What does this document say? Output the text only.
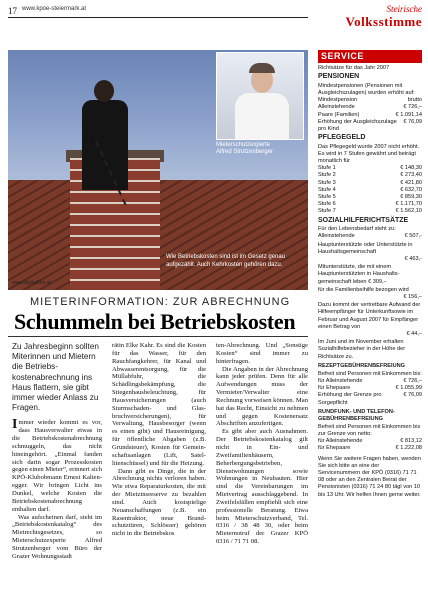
17 www.kpoe-steiermark.at	Steirische
Volksstimme
Mieterschutzexperte
Alfred Strutzenberger
Wie Betriebskosten sind ist im Gesetz genau aufgezählt. Auch Kehrkosten gehören dazu.
www.digitalfoto.at
MIETERINFORMATION: ZUR ABRECHNUNG
Schummeln bei Betriebskosten
Zu Jahresbeginn sollten Miterinnen und Mietern die Betriebskostenabrechnung ins Haus flattern, sie gibt immer wieder Anlass zu Fragen.

Immer wieder kommt es vor, dass Hausverwalter etwas in die Betriebskostenabrechnung schmuggeln, das nicht hineingehört. „Einmal fanden sich darin sogar Prozesskosten gegen einen Mieter“, erinnert sich KPÖ-Klubobmann Ernest Kaltenegger. Wir bringen Licht ins Dunkel, welche Kosten die Betriebskostenabrechnung enthalten darf.

Was aufscheinen darf, steht im „Betriebskostenkatalog“ des Mietrechtsgesetzes, so Mieterschutzexperte Alfred Strutzenberger vom Büro der Grazer Wohnungsstadt

rätin Elke Kahr. Es sind die Kosten für das Wasser, für den Rauchfangkehrer, für Kanal und Abwasserentsorgung, für die Müllabfuhr, die Schädlingsbekämpfung, die Stiegenhausbeleuchtung, für Hausversicherungen (auch Sturmschaden- und Glasbruchversicherungen), für Verwaltung, Hausbesorger (wenn es einen gibt) und Hausreinigung, für öffentliche Abgaben (z.B. Grundsteuer), Kosten für Gemeinschaftsanlagen (Lift, Satellitenschüssel) und für die Heizung.

Dann gibt es Dinge, die in der Abrechnung nichts verloren haben. Wie etwa Reparaturkosten, die mit der Mietzinsreserve zu bezahlen sind. Auch kostspielige Neuanschaffungen (z.B. ein Rasentraktor, neue Brandschutztüren, Schlösser) gehören nicht in die Betriebskos

ten-Abrechnung. Und „Sonstige Kosten“ sind immer zu hinterfragen.

Die Angaben in der Abrechnung kann jeder prüfen. Denn für alle Aufwendungen muss der Vermieter/Verwalter eine Rechnung vorweisen können. Man hat das Recht, Einsicht zu nehmen und gegen Kostenersatz Abschriften anzufertigen.

Es gibt aber auch Ausnahmen. Der Betriebskostenkatalog gilt nicht in Ein- und Zweifamilienhäusern, Beherbergungsbetrieben, Dienstwohnungen sowie Wohnungen in Neubauten. Hier sind die Vereinbarungen im Mietvertrag ausschlaggebend. In Zweifelsfällen empfiehlt sich eine professionelle Beratung. Etwa beim Mieterschutzverband, Tel. 0316 / 38 48 30, oder beim Mieternotruf der Grazer KPÖ 0316 / 71 71 08.

SERVICE
Richtsätze für das Jahr 2007
PENSIONEN
Mindestpensionen (Pensionen mit Ausgleichszulagen) wurden erhöht auf:
Mindestpension	brutto
Alleinstehende	€ 726,–
Paare (Familien)	€ 1.091,14
Erhöhung der Ausgleichszulage pro Kind
€ 76,09
PFLEGEGELD
Das Pflegegeld wurde 2007 nicht erhöht. Es wird in 7 Stufen gewährt und beträgt monatlich für
Stufe 1	€ 148,30
Stufe 2	€ 273,40
Stufe 3	€ 421,80
Stufe 4	€ 632,70
Stufe 5	€ 859,30
Stufe 6	€ 1.171,70
Stufe 7	€ 1.562,10
SOZIALHILFERICHTSÄTZE
Für den Lebensbedarf steht zu:
Alleinstehende	€ 507,-
Hauptunterstützte oder Unterstützte in Haushaltsgemeinschaft
€ 463,-
Mitunterstützte, die mit einem Hauptunterstützten in Haushaltsgemeinschaft leben € 309,–
für die Familienbeihilfe bezogen wird
€ 156,–
Dazu kommt der vertretbare Aufwand der Hilfeempfänger für Unterkunftsowie im Februar und August 2007 für Empfänger einen Betrag von
€ 44,–
Im Juni und im November erhalten Sozialhilfebezieher in der Höhe der Richtsätze zu.
REZEPTGEBÜHRENBEFREIUNG
Befreit sind Personen mit Einkommen bis:
für Alleinstehende	€ 726,–
für Ehepaare	€ 1.055,99
Erhöhung der Grenze pro Sorgepflicht
€ 76,09
RUNDFUNK- UND TELEFONGEBÜHRENBEFREIUNG
Befreit sind Personen mit Einkommen bis zur Grenze von netto:
für Alleinstehende	€ 813,12
für Ehepaare	€ 1.222,08
Wenn Sie weitere Fragen haben, wenden Sie sich bitte an eine der Servicenummern der KPÖ (0316) 71 71 08 oder an den Zentralen Beirat der Pensionisten (0316) 71 24 80 tägl von 10 bis 13 Uhr. Wir helfen Ihnen gerne weiter.
